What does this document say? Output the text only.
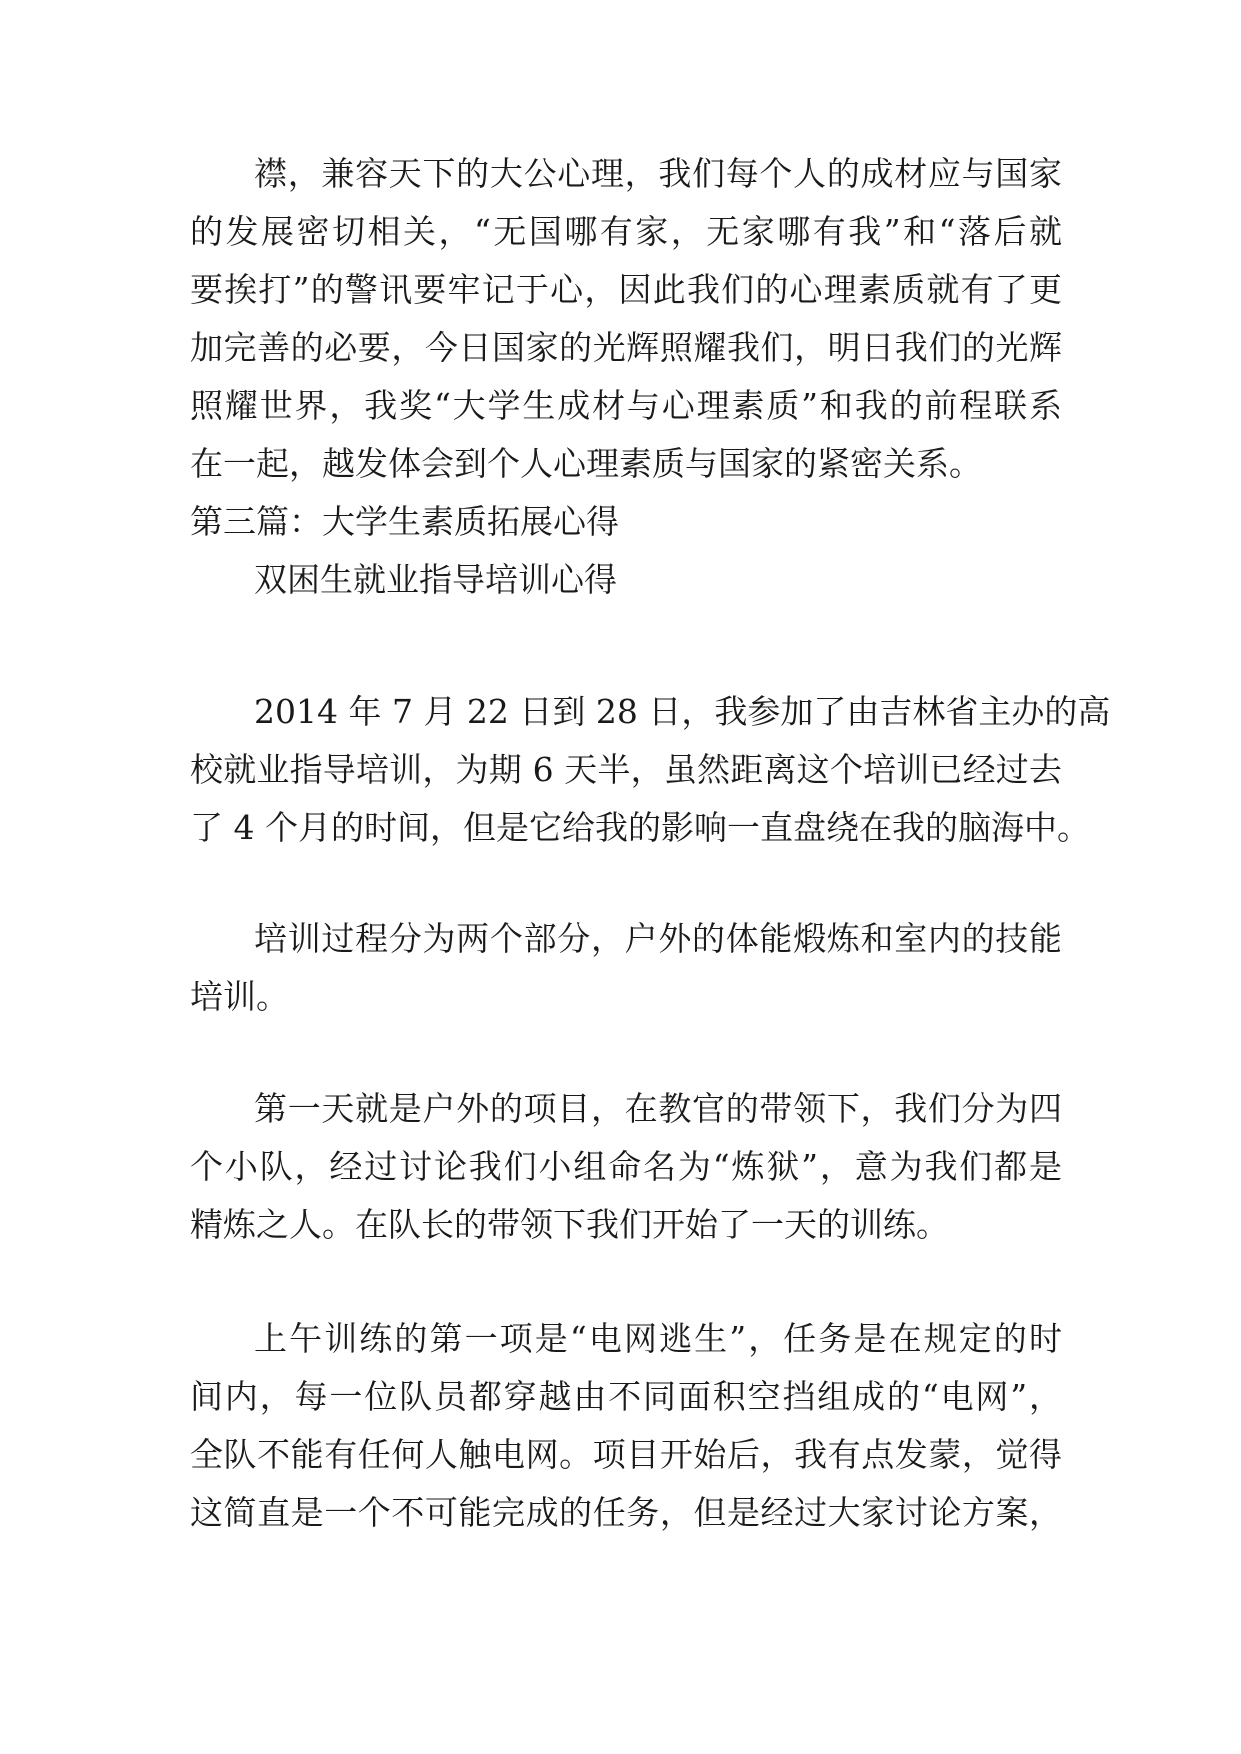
襟，兼容天下的大公心理，我们每个人的成材应与国家
的发展密切相关，“无国哪有家，无家哪有我”和“落后就
要挨打”的警讯要牢记于心，因此我们的心理素质就有了更
加完善的必要，今日国家的光辉照耀我们，明日我们的光辉
照耀世界，我奖“大学生成材与心理素质”和我的前程联系
在一起，越发体会到个人心理素质与国家的紧密关系。
第三篇：大学生素质拓展心得
双困生就业指导培训心得
2014 年 7 月 22 日到 28 日，我参加了由吉林省主办的高
校就业指导培训，为期 6 天半，虽然距离这个培训已经过去
了 4 个月的时间，但是它给我的影响一直盘绕在我的脑海中。
培训过程分为两个部分，户外的体能煅炼和室内的技能
培训。
第一天就是户外的项目，在教官的带领下，我们分为四
个小队，经过讨论我们小组命名为“炼狱”，意为我们都是
精炼之人。在队长的带领下我们开始了一天的训练。
上午训练的第一项是“电网逃生”，任务是在规定的时
间内，每一位队员都穿越由不同面积空挡组成的“电网”，
全队不能有任何人触电网。项目开始后，我有点发蒙，觉得
这简直是一个不可能完成的任务，但是经过大家讨论方案，
